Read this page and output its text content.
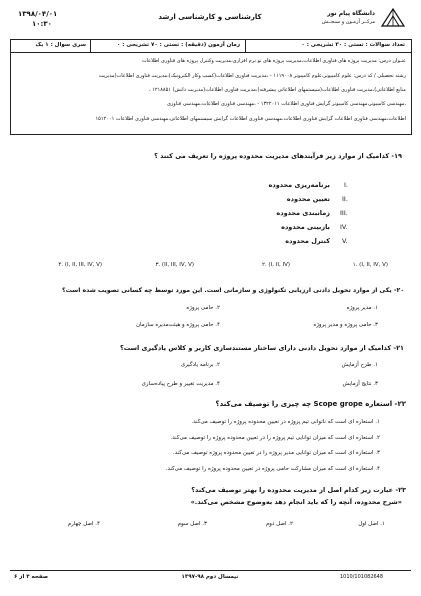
۱۳۹۸/۰۴/۰۱
۱۰:۳۰
کارشناسی و کارشناسی ارشد	دانشگاه پیام نور
مرکــز آزمـون و سنجــش
تعداد سوالات : تستی : ۳۰ تشریحی : ۰
زمان آزمون (دقیقه) : تستی : ۷۰ تشریحی : ۰
سری سوال : ۱ یک
عنـوان درس: مدیریت پروژه های فناوری اطلاعات،مدیریت پروژه های نو نرم افزاری،مدیریت وکنترل پروژه های فناوری اطلاعات
رشته تحصیلی / کد درس: علوم کامپیوتر،علوم کامپیوتر ۱۱۱۹۰۰۸ - ،مدیریت فناوری اطلاعات(کسب وکار الکترونیک)،مدیریت فناوری اطلاعات(مدیریت
منابع اطلاعاتی)،مدیریت فناوری اطلاعات(سیستمهای اطلاعاتی پیشرفته)،مدیریت فناوری اطلاعات(مدیریت دانش) ۱۲۱۸۸۵۱ ،
،مهندسی کامپیوتر،مهندسی کامپیوتر گرایش فناوری اطلاعات ۱۳۲۲۰۱۱ - ،مهندسی فناوری اطلاعات،مهندسی فناوری
اطلاعات،مهندسی فناوری اطلاعات گرایش فناوری اطلاعات،مهندسی فناوری اطلاعات گرایش سیستمهای اطلاعاتی،مهندسی فناوری اطلاعات ۱۵۱۲۰۰۱
۱۹- کدامیک از موارد زیر فرآیندهای مدیریت محدوده پروژه را تعریف می کنند ؟
برنامه‌ریزی محدوده I.
تعیین محدوده II.
زمانبندی محدوده III.
بازبینی محدوده IV.
کنترل محدوده V.
(I, II, IV, V) .۱
(I, II, IV) .۲
(II, III, IV, V) .۳
(I, II, III, IV, V) .۴
۲۰- یکی از موارد تحویل دادنی ارزیابی تکنولوژی و سازمانی است. این مورد توسط چه کسانی تصویب شده است؟
۱. مدیر پروژه
۲. حامی پروژه
۳. حامی پروژه و مدیر پروژه
۴. حامی پروژه و هیئت‌مدیره سازمان
۲۱- کدامیک از موارد تحویل دادنی دارای ساختار مستندسازی کاربر و کلاس یادگیری است؟
۱. طرح آزمایش
۲. برنامه یادگیری
۳. نتایج آزمایش
۴. مدیریت تغییر و طرح پیاده‌سازی
۲۲- استعاره Scope grope چه چیزی را توصیف می‌کند؟
۱. استعاره ای است که ناتوانی تیم پروژه در تعیین محدوده پروژه را توصیف می‌کند.
۲. استعاره ای است که میزان توانایی تیم پروژه را در تعیین محدوده پروژه را توصیف می‌کند.
۳. استعاره ای است که میزان توانایی مدیر پروژه را در تعیین محدوده پروژه توصیف می‌کند.
۴. استعاره ای است که میزان مشارکت حامی پروژه در تعیین محدوده پروژه را توصیف می‌کند.
۲۳- عبارت زیر کدام اصل از مدیریت محدوده را بهتر توصیف می‌کند؟
«شرح محدوده، آنچه را که باید انجام دهد به‌وضوح مشخص می‌کند.»
۱. اصل اول
۲. اصل دوم
۳. اصل سوم
۴. اصل چهارم
صفحه ۴ از ۶	نیمسال دوم ۹۸-۱۳۹۷	1010/101082648
